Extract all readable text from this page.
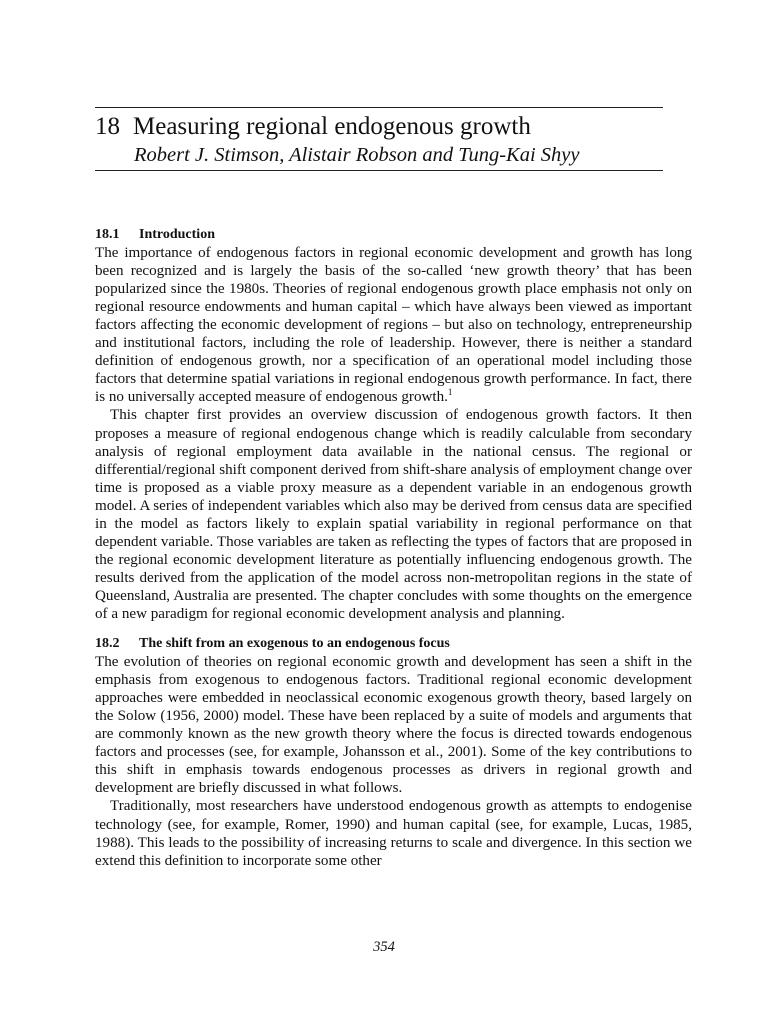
18 Measuring regional endogenous growth
Robert J. Stimson, Alistair Robson and Tung-Kai Shyy
18.1 Introduction

The importance of endogenous factors in regional economic development and growth has long been recognized and is largely the basis of the so-called ‘new growth theory’ that has been popularized since the 1980s. Theories of regional endogenous growth place emphasis not only on regional resource endowments and human capital – which have always been viewed as important factors affecting the economic development of regions – but also on technology, entrepreneurship and institutional factors, including the role of leadership. However, there is neither a standard definition of endogenous growth, nor a specification of an operational model including those factors that determine spatial variations in regional endogenous growth performance. In fact, there is no universally accepted measure of endogenous growth.$^1$

This chapter first provides an overview discussion of endogenous growth factors. It then proposes a measure of regional endogenous change which is readily calculable from secondary analysis of regional employment data available in the national census. The regional or differential/regional shift component derived from shift-share analysis of employment change over time is proposed as a viable proxy measure as a dependent variable in an endogenous growth model. A series of independent variables which also may be derived from census data are specified in the model as factors likely to explain spatial variability in regional performance on that dependent variable. Those variables are taken as reflecting the types of factors that are proposed in the regional economic development literature as potentially influencing endogenous growth. The results derived from the application of the model across non-metropolitan regions in the state of Queensland, Australia are presented. The chapter concludes with some thoughts on the emergence of a new paradigm for regional economic development analysis and planning.

18.2 The shift from an exogenous to an endogenous focus

The evolution of theories on regional economic growth and development has seen a shift in the emphasis from exogenous to endogenous factors. Traditional regional economic development approaches were embedded in neoclassical economic exogenous growth theory, based largely on the Solow (1956, 2000) model. These have been replaced by a suite of models and arguments that are commonly known as the new growth theory where the focus is directed towards endogenous factors and processes (see, for example, Johansson et al., 2001). Some of the key contributions to this shift in emphasis towards endogenous processes as drivers in regional growth and development are briefly discussed in what follows.

Traditionally, most researchers have understood endogenous growth as attempts to endogenise technology (see, for example, Romer, 1990) and human capital (see, for example, Lucas, 1985, 1988). This leads to the possibility of increasing returns to scale and divergence. In this section we extend this definition to incorporate some other

354
